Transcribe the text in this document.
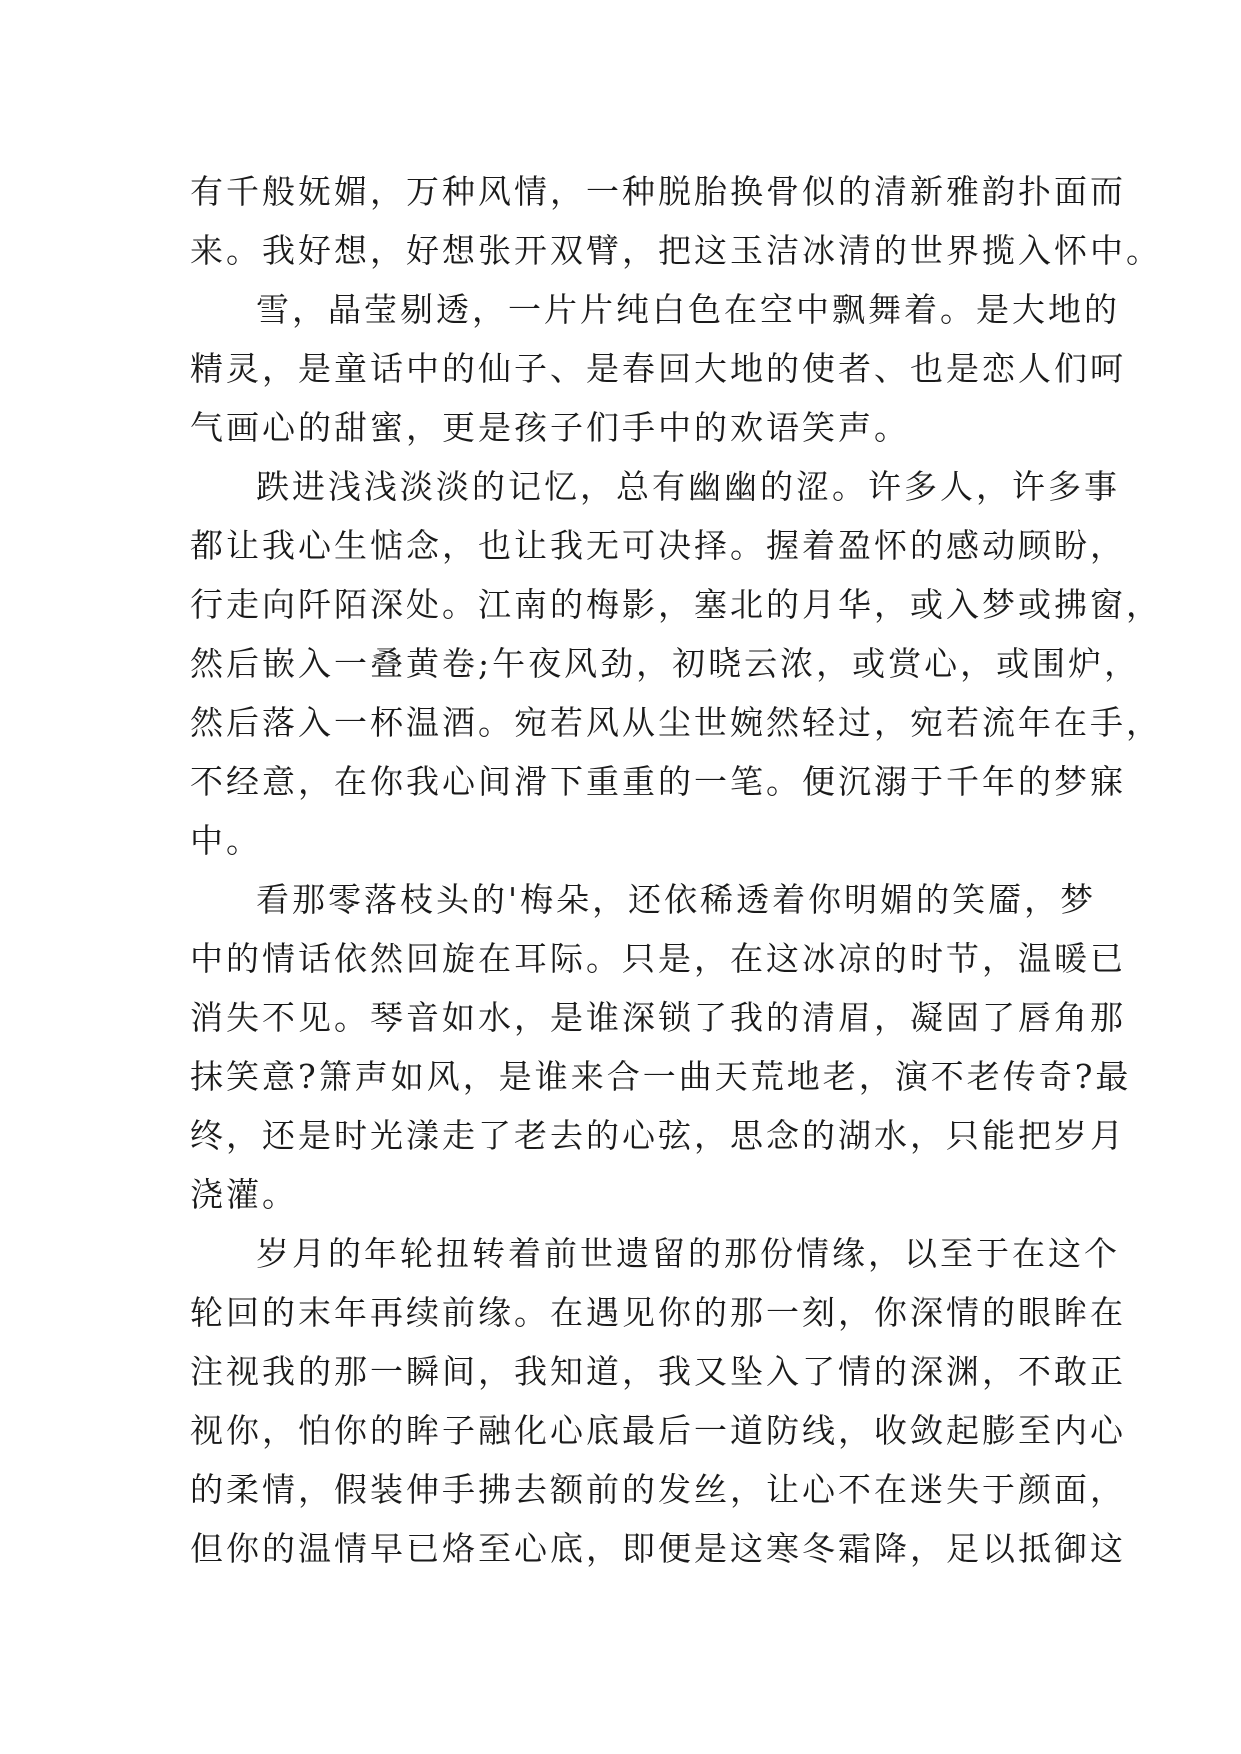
有千般妩媚，万种风情，一种脱胎换骨似的清新雅韵扑面而
来。我好想，好想张开双臂，把这玉洁冰清的世界揽入怀中。
雪，晶莹剔透，一片片纯白色在空中飘舞着。是大地的
精灵，是童话中的仙子、是春回大地的使者、也是恋人们呵
气画心的甜蜜，更是孩子们手中的欢语笑声。
跌进浅浅淡淡的记忆，总有幽幽的涩。许多人，许多事
都让我心生惦念，也让我无可决择。握着盈怀的感动顾盼，
行走向阡陌深处。江南的梅影，塞北的月华，或入梦或拂窗，
然后嵌入一叠黄卷;午夜风劲，初晓云浓，或赏心，或围炉，
然后落入一杯温酒。宛若风从尘世婉然轻过，宛若流年在手，
不经意，在你我心间滑下重重的一笔。便沉溺于千年的梦寐
中。
看那零落枝头的'梅朵，还依稀透着你明媚的笑靥，梦
中的情话依然回旋在耳际。只是，在这冰凉的时节，温暖已
消失不见。琴音如水，是谁深锁了我的清眉，凝固了唇角那
抹笑意?箫声如风，是谁来合一曲天荒地老，演不老传奇?最
终，还是时光漾走了老去的心弦，思念的湖水，只能把岁月
浇灌。
岁月的年轮扭转着前世遗留的那份情缘，以至于在这个
轮回的末年再续前缘。在遇见你的那一刻，你深情的眼眸在
注视我的那一瞬间，我知道，我又坠入了情的深渊，不敢正
视你，怕你的眸子融化心底最后一道防线，收敛起膨至内心
的柔情，假装伸手拂去额前的发丝，让心不在迷失于颜面，
但你的温情早已烙至心底，即便是这寒冬霜降，足以抵御这
